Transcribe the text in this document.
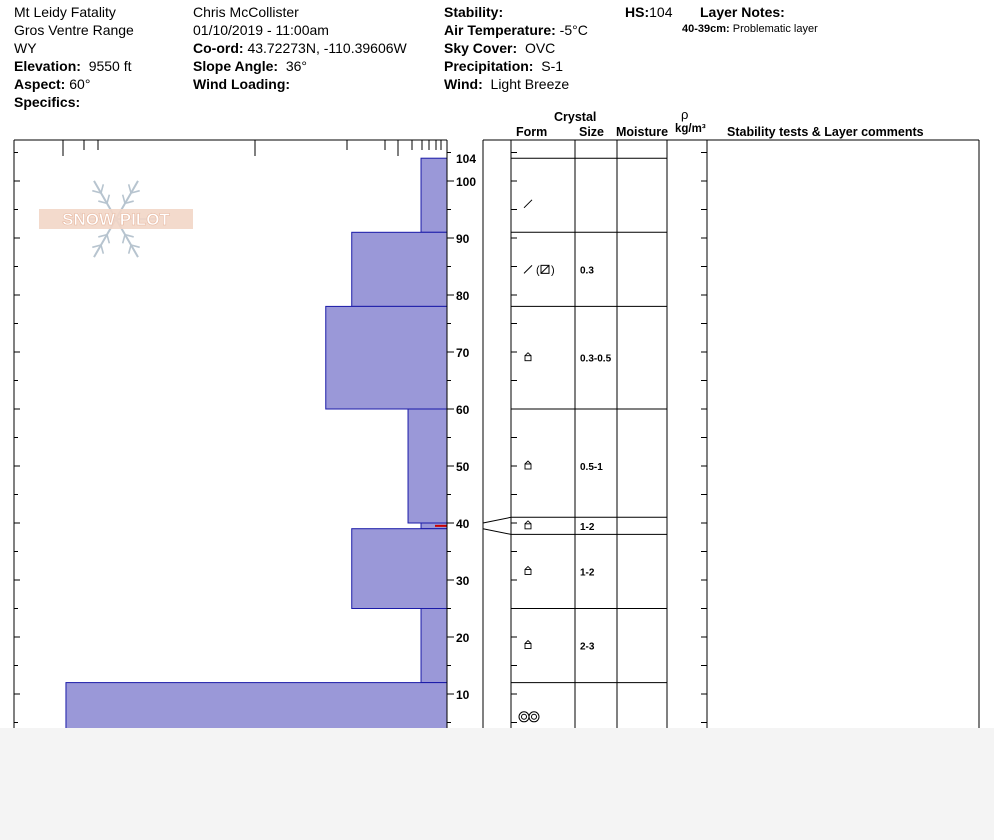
Mt Leidy Fatality
Gros Ventre Range
WY
Elevation: 9550 ft
Aspect: 60°
Specifics:
Chris McCollister
01/10/2019 - 11:00am
Co-ord: 43.72273N, -110.39606W
Slope Angle: 36°
Wind Loading:
Stability:
Air Temperature: -5°C
Sky Cover: OVC
Precipitation: S-1
Wind: Light Breeze
HS:104 Layer Notes:
40-39cm: Problematic layer
Crystal
Form	Size Moisture
ρ
kg/m³ Stability tests & Layer comments
104
100
90
80
70
60
50
40
30
20
10
( )	0.3
0.3-0.5
0.5-1
1-2
1-2
2-3
SNOW PILOT
